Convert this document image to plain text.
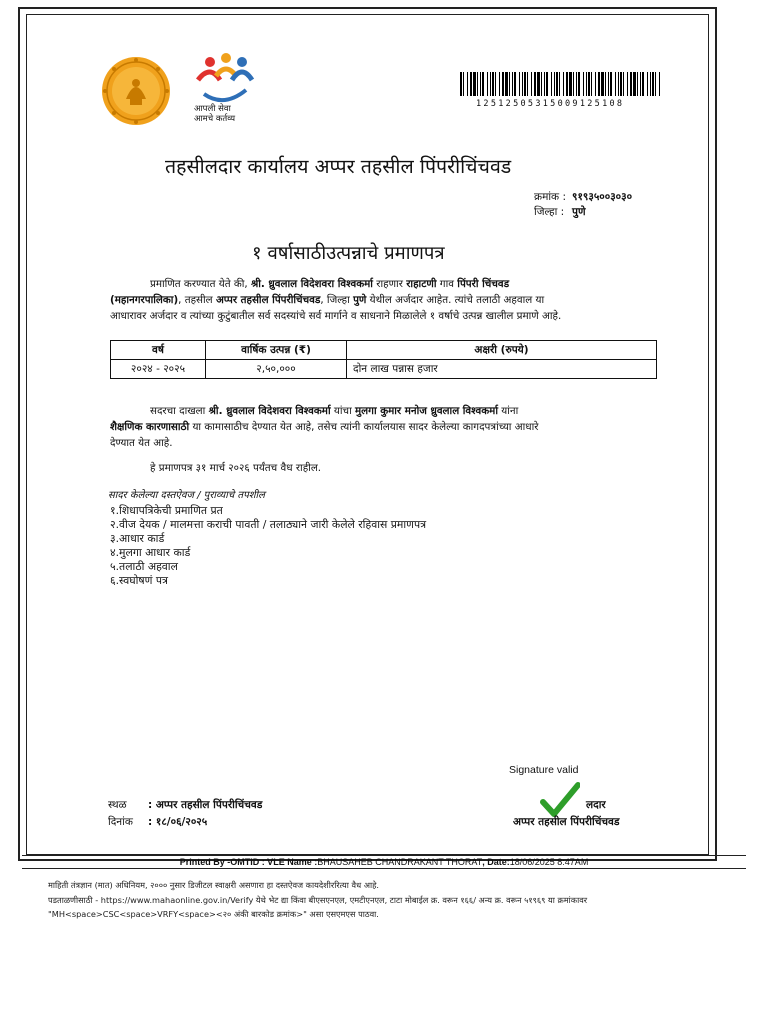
आपली सेवा
आमचे कर्तव्य
12512505315009125108
तहसीलदार कार्यालय अप्पर तहसील पिंपरीचिंचवड
क्रमांक : ९१९३५००३०३०
जिल्हा : पुणे
१ वर्षासाठीउत्पन्नाचे प्रमाणपत्र
प्रमाणित करण्यात येते की, श्री. ध्रुवलाल विदेशवरा विश्वकर्मा राहणार राहाटणी गाव पिंपरी चिंचवड
(महानगरपालिका), तहसील अप्पर तहसील पिंपरीचिंचवड, जिल्हा पुणे येथील अर्जदार आहेत. त्यांचे तलाठी अहवाल या
आधारावर अर्जदार व त्यांच्या कुटुंबातील सर्व सदस्यांचे सर्व मार्गाने व साधनाने मिळालेले १ वर्षाचे उत्पन्न खालील प्रमाणे आहे.
वर्ष	वार्षिक उत्पन्न (₹)	अक्षरी (रुपये)
२०२४ - २०२५	२,५०,०००	दोन लाख पन्नास हजार
सदरचा दाखला श्री. ध्रुवलाल विदेशवरा विश्वकर्मा यांचा मुलगा कुमार मनोज ध्रुवलाल विश्वकर्मा यांना
शैक्षणिक कारणासाठी या कामासाठीच देण्यात येत आहे, तसेच त्यांनी कार्यालयास सादर केलेल्या कागदपत्रांच्या आधारे
देण्यात येत आहे.
हे प्रमाणपत्र ३१ मार्च २०२६ पर्यंतच वैध राहील.
सादर केलेल्या दस्तऐवज / पुराव्याचे तपशील
१.शिधापत्रिकेची प्रमाणित प्रत
२.वीज देयक / मालमत्ता कराची पावती / तलाठ्याने जारी केलेले रहिवास प्रमाणपत्र
३.आधार कार्ड
४.मुलगा आधार कार्ड
५.तलाठी अहवाल
६.स्वघोषणं पत्र
Signature valid
स्थळ : अप्पर तहसील पिंपरीचिंचवड
दिनांक : १८/०६/२०२५
लदार
अप्पर तहसील पिंपरीचिंचवड
Printed By -OMTID : VLE Name :BHAUSAHEB CHANDRAKANT THORAT, Date:18/06/2025 8:47AM
माहिती तंत्रज्ञान (मात) अधिनियम, २००० नुसार डिजीटल स्वाक्षरी असणारा हा दस्तऐवज कायदेशीररित्या वैध आहे.
पडताळणीसाठी - https://www.mahaonline.gov.in/Verify येथे भेट द्या किंवा बीएसएनएल, एमटीएनएल, टाटा मोबाईल क्र. वरून १६६/ अन्य क्र. वरून ५१९६९ या क्रमांकावर
"MH<space>CSC<space>VRFY<space><२० अंकी बारकोड क्रमांक>" असा एसएमएस पाठवा.
